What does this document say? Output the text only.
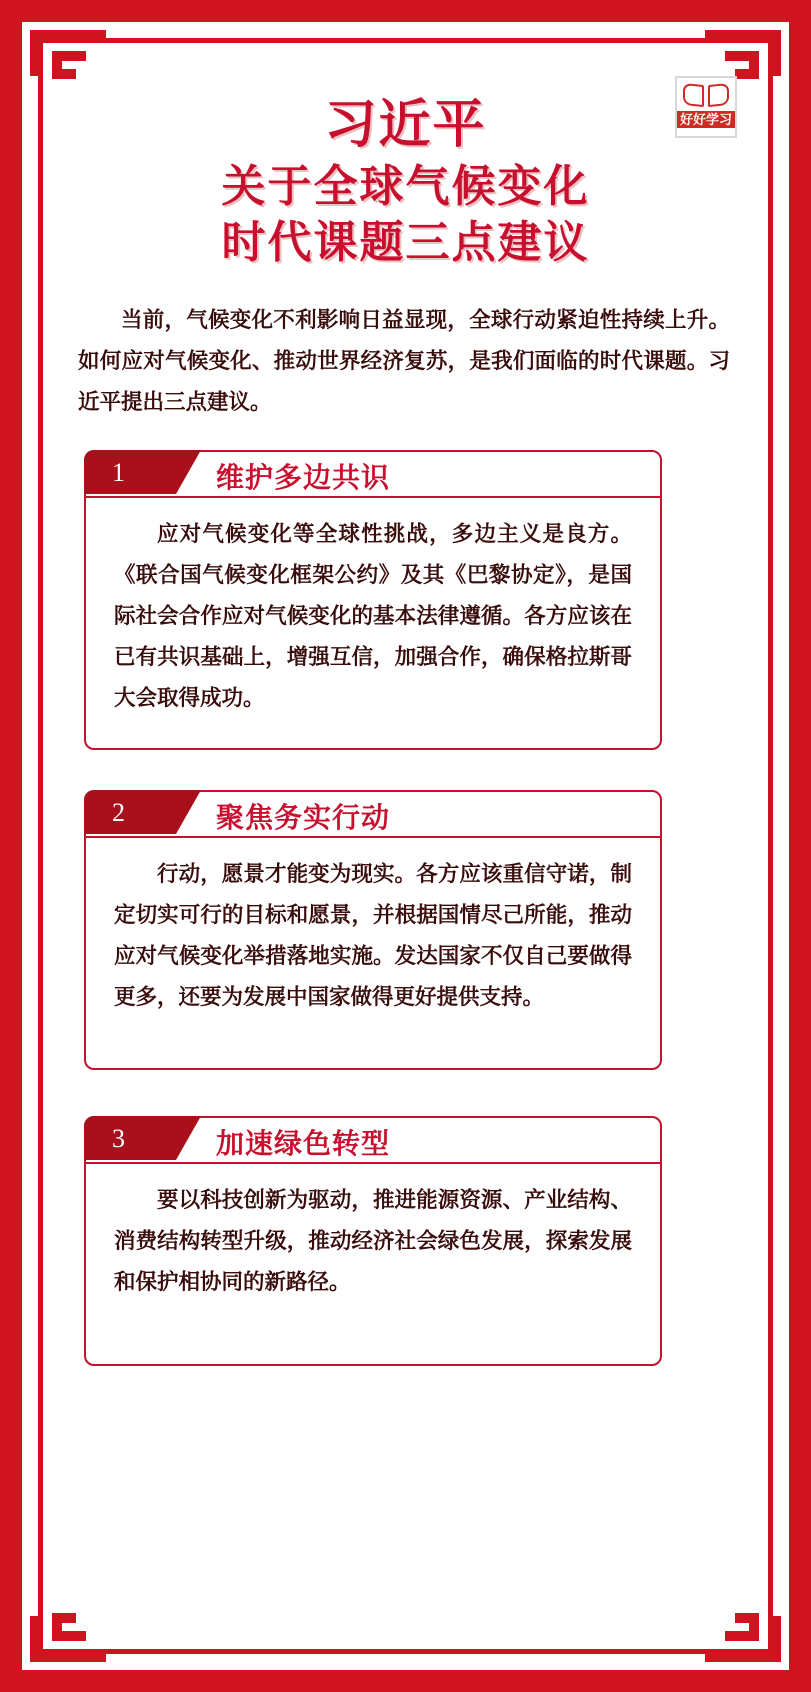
好好学习
习近平
关于全球气候变化
时代课题三点建议
当前，气候变化不利影响日益显现，全球行动紧迫性持续上升。如何应对气候变化、推动世界经济复苏，是我们面临的时代课题。习近平提出三点建议。
1	维护多边共识
应对气候变化等全球性挑战，多边主义是良方。《联合国气候变化框架公约》及其《巴黎协定》，是国际社会合作应对气候变化的基本法律遵循。各方应该在已有共识基础上，增强互信，加强合作，确保格拉斯哥大会取得成功。
2	聚焦务实行动
行动，愿景才能变为现实。各方应该重信守诺，制定切实可行的目标和愿景，并根据国情尽己所能，推动应对气候变化举措落地实施。发达国家不仅自己要做得更多，还要为发展中国家做得更好提供支持。
3	加速绿色转型
要以科技创新为驱动，推进能源资源、产业结构、消费结构转型升级，推动经济社会绿色发展，探索发展和保护相协同的新路径。
